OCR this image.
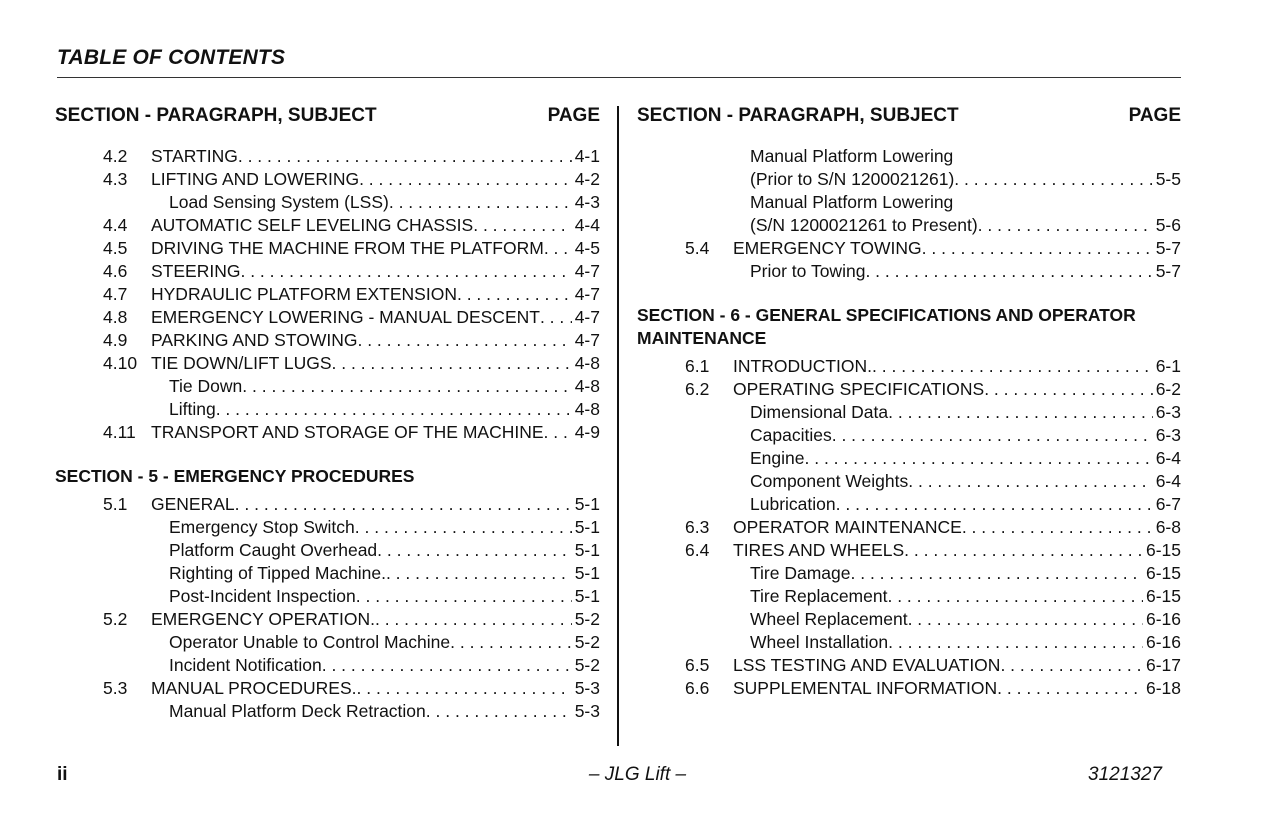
TABLE OF CONTENTS
SECTION - PARAGRAPH, SUBJECT	PAGE
4.2	STARTING . . .	4-1
4.3	LIFTING AND LOWERING . . .	4-2
Load Sensing System (LSS) . . .	4-3
4.4	AUTOMATIC SELF LEVELING CHASSIS . . .	4-4
4.5	DRIVING THE MACHINE FROM THE PLATFORM . . . 4-5
4.6	STEERING . . .	4-7
4.7	HYDRAULIC PLATFORM EXTENSION . . .	4-7
4.8	EMERGENCY LOWERING - MANUAL DESCENT . . . 4-7
4.9	PARKING AND STOWING . . .	4-7
4.10 TIE DOWN/LIFT LUGS . . .	4-8
Tie Down . . .	4-8
Lifting . . .	4-8
4.11 TRANSPORT AND STORAGE OF THE MACHINE . . . 4-9
SECTION - 5 - EMERGENCY PROCEDURES
5.1	GENERAL . . .	5-1
Emergency Stop Switch . . .	5-1
Platform Caught Overhead . . .	5-1
Righting of Tipped Machine. . . .	5-1
Post-Incident Inspection . . .	5-1
5.2	EMERGENCY OPERATION. . . .	5-2
Operator Unable to Control Machine . . .	5-2
Incident Notification . . .	5-2
5.3	MANUAL PROCEDURES. . . .	5-3
Manual Platform Deck Retraction . . .	5-3
SECTION - PARAGRAPH, SUBJECT	PAGE
Manual Platform Lowering
(Prior to S/N 1200021261) . . .	5-5
Manual Platform Lowering
(S/N 1200021261 to Present) . . .	5-6
5.4	EMERGENCY TOWING . . .	5-7
Prior to Towing . . .	5-7
SECTION - 6 - GENERAL SPECIFICATIONS AND OPERATOR MAINTENANCE
6.1	INTRODUCTION. . . .	6-1
6.2	OPERATING SPECIFICATIONS . . .	6-2
Dimensional Data . . .	6-3
Capacities . . .	6-3
Engine . . .	6-4
Component Weights . . .	6-4
Lubrication . . .	6-7
6.3	OPERATOR MAINTENANCE . . .	6-8
6.4	TIRES AND WHEELS . . .	6-15
Tire Damage . . .	6-15
Tire Replacement . . .	6-15
Wheel Replacement . . .	6-16
Wheel Installation . . .	6-16
6.5	LSS TESTING AND EVALUATION . . .	6-17
6.6	SUPPLEMENTAL INFORMATION . . .	6-18
ii	– JLG Lift –	3121327
